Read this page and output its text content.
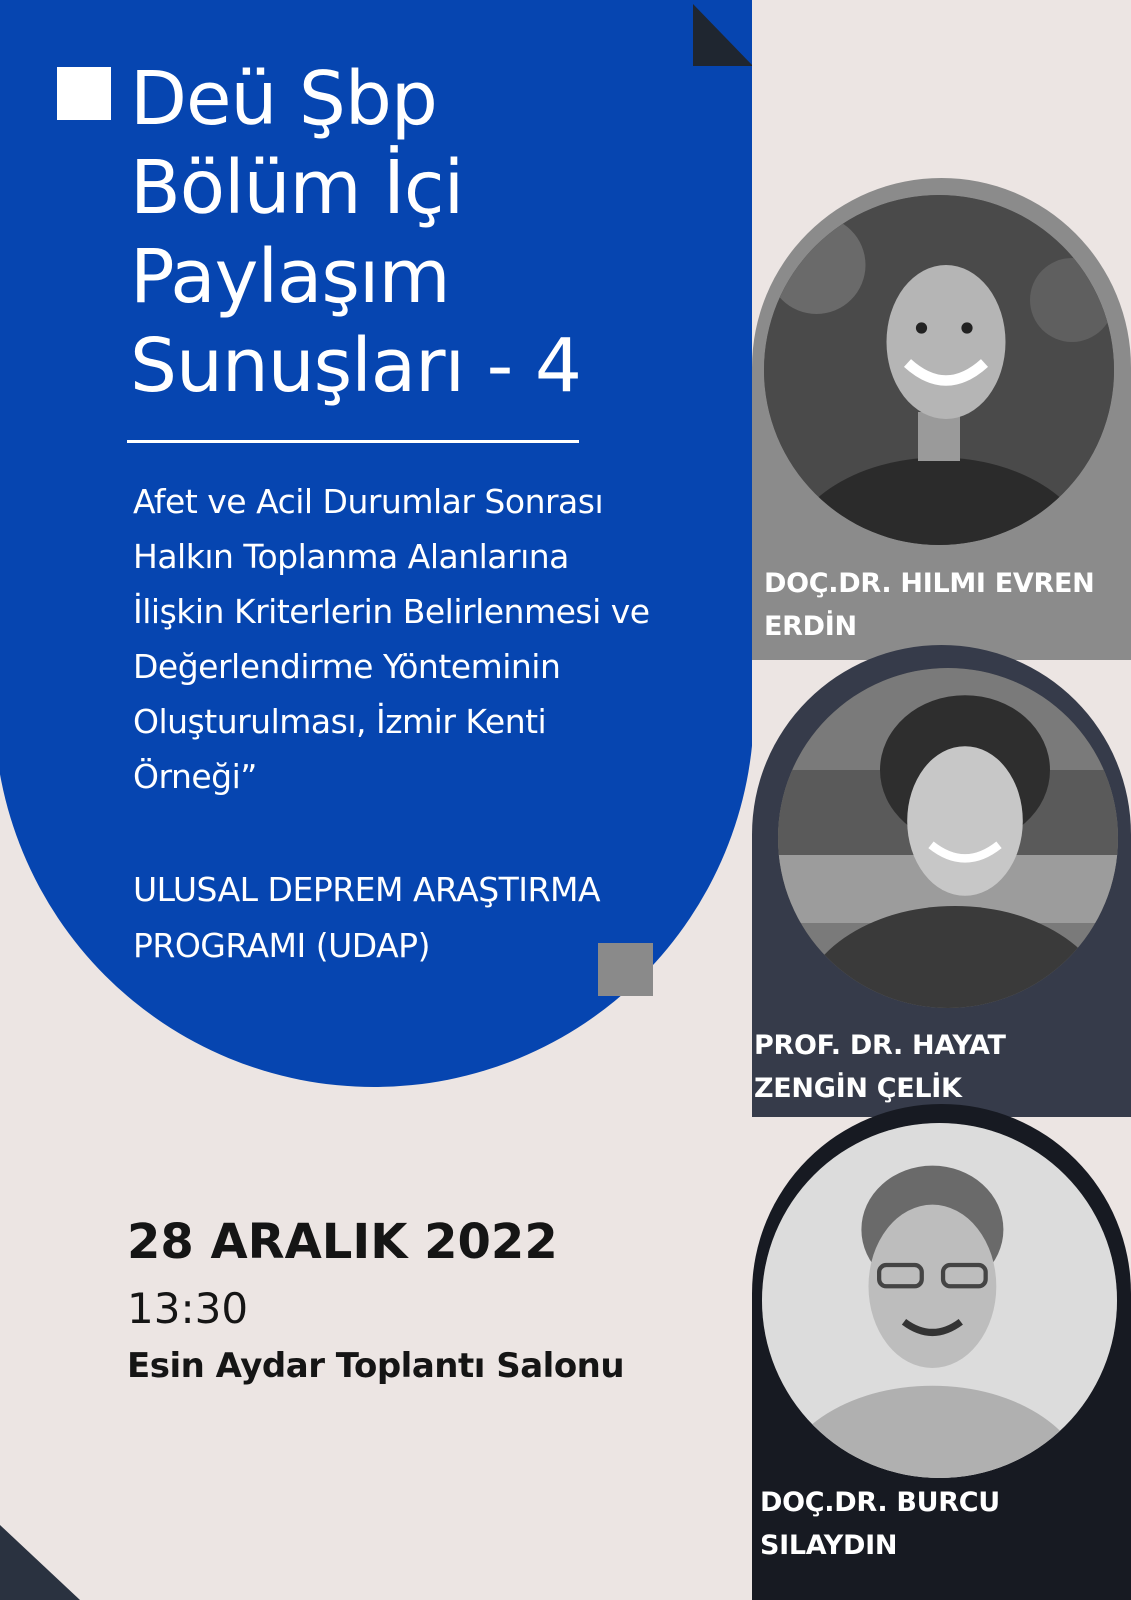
Deü Şbp
Bölüm İçi
Paylaşım
Sunuşları - 4

Afet ve Acil Durumlar Sonrası
Halkın Toplanma Alanlarına
İlişkin Kriterlerin Belirlenmesi ve
Değerlendirme Yönteminin
Oluşturulması, İzmir Kenti
Örneği”

ULUSAL DEPREM ARAŞTIRMA
PROGRAMI (UDAP)

28 ARALIK 2022

13:30

Esin Aydar Toplantı Salonu

DOÇ.DR. HILMI EVREN
ERDİN

PROF. DR. HAYAT
ZENGİN ÇELİK

DOÇ.DR. BURCU
SILAYDIN
